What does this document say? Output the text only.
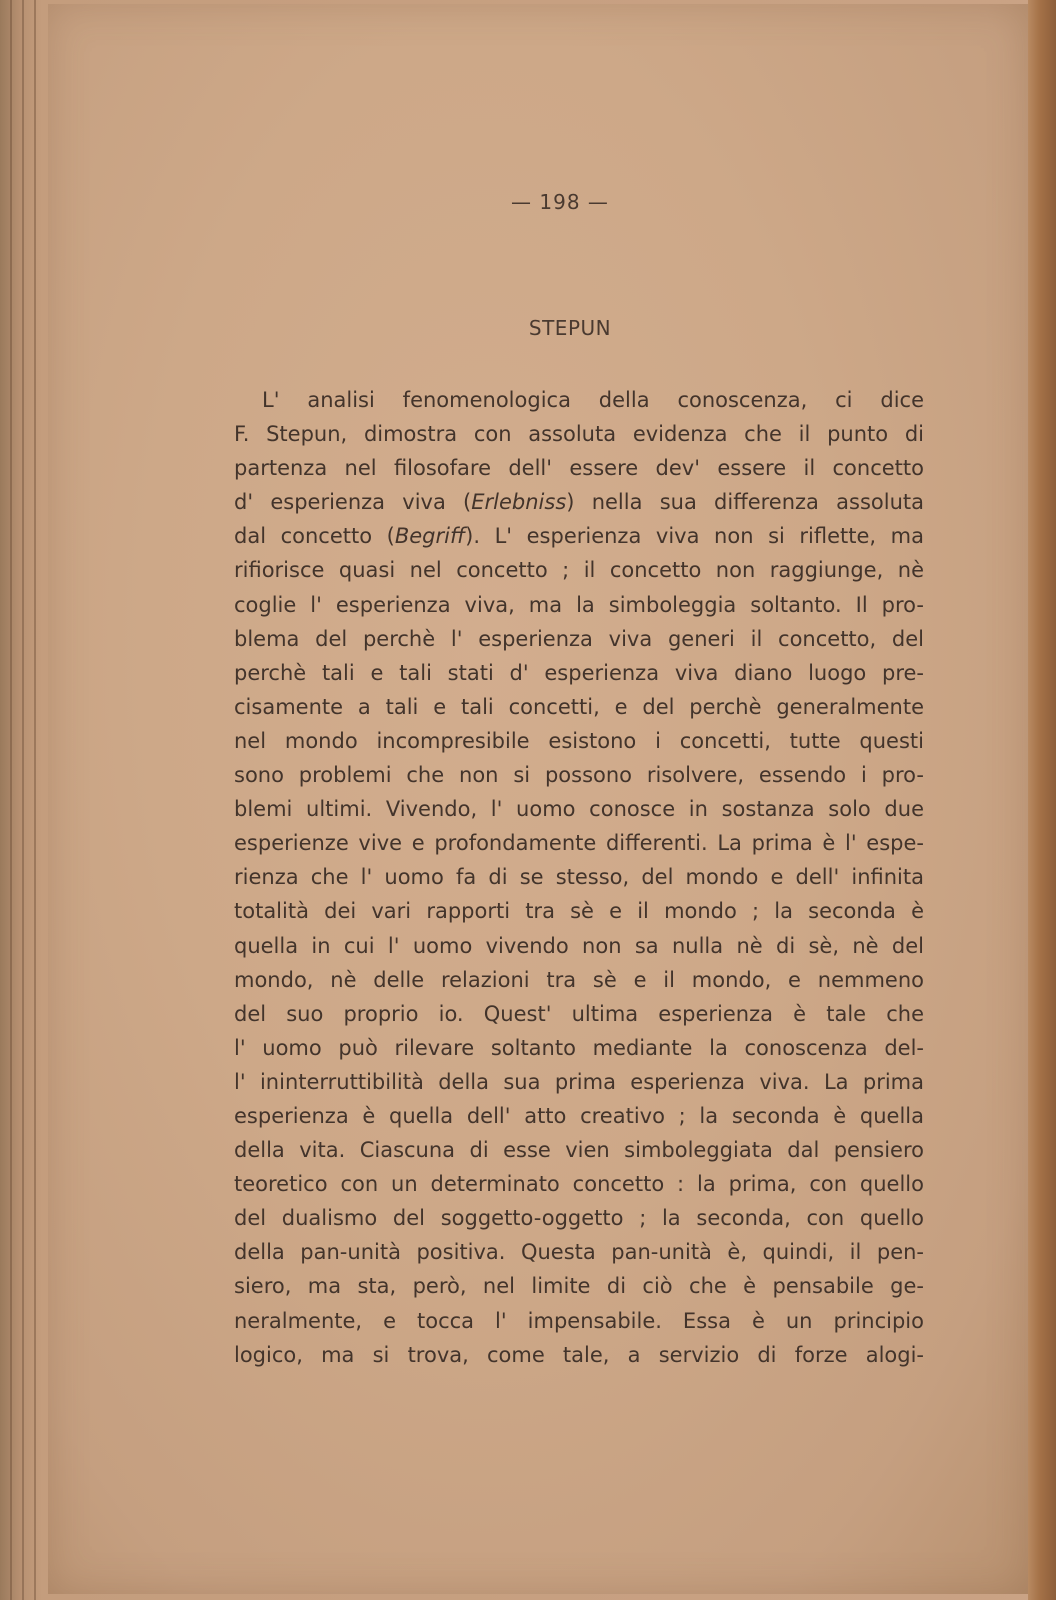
— 198 —
STEPUN
L' analisi fenomenologica della conoscenza, ci dice
F. Stepun, dimostra con assoluta evidenza che il punto di
partenza nel filosofare dell' essere dev' essere il concetto
d' esperienza viva (Erlebniss) nella sua differenza assoluta
dal concetto (Begriff). L' esperienza viva non si riflette, ma
rifiorisce quasi nel concetto ; il concetto non raggiunge, nè
coglie l' esperienza viva, ma la simboleggia soltanto. Il pro-
blema del perchè l' esperienza viva generi il concetto, del
perchè tali e tali stati d' esperienza viva diano luogo pre-
cisamente a tali e tali concetti, e del perchè generalmente
nel mondo incompresibile esistono i concetti, tutte questi
sono problemi che non si possono risolvere, essendo i pro-
blemi ultimi. Vivendo, l' uomo conosce in sostanza solo due
esperienze vive e profondamente differenti. La prima è l' espe-
rienza che l' uomo fa di se stesso, del mondo e dell' infinita
totalità dei vari rapporti tra sè e il mondo ; la seconda è
quella in cui l' uomo vivendo non sa nulla nè di sè, nè del
mondo, nè delle relazioni tra sè e il mondo, e nemmeno
del suo proprio io. Quest' ultima esperienza è tale che
l' uomo può rilevare soltanto mediante la conoscenza del-
l' ininterruttibilità della sua prima esperienza viva. La prima
esperienza è quella dell' atto creativo ; la seconda è quella
della vita. Ciascuna di esse vien simboleggiata dal pensiero
teoretico con un determinato concetto : la prima, con quello
del dualismo del soggetto-oggetto ; la seconda, con quello
della pan-unità positiva. Questa pan-unità è, quindi, il pen-
siero, ma sta, però, nel limite di ciò che è pensabile ge-
neralmente, e tocca l' impensabile. Essa è un principio
logico, ma si trova, come tale, a servizio di forze alogi-
